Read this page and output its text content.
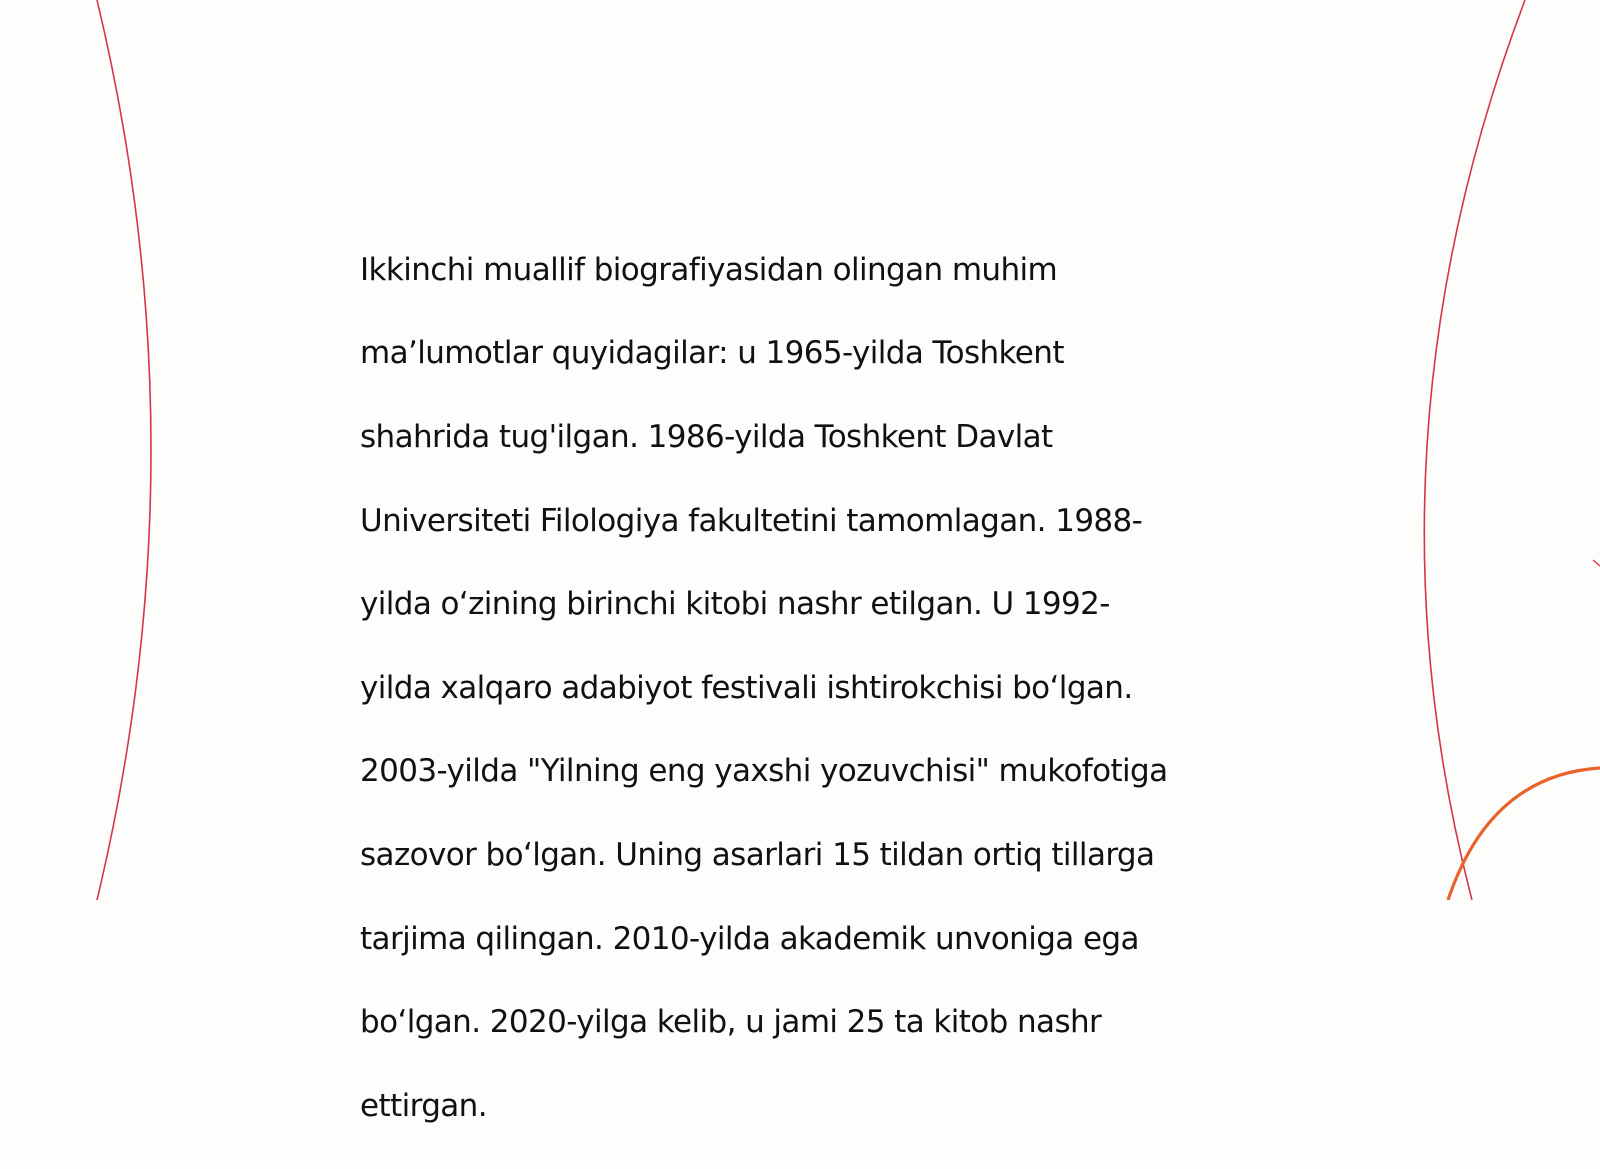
Ikkinchi muallif biografiyasidan olingan muhim

ma’lumotlar quyidagilar: u 1965-yilda Toshkent

shahrida tug'ilgan. 1986-yilda Toshkent Davlat

Universiteti Filologiya fakultetini tamomlagan. 1988-

yilda o‘zining birinchi kitobi nashr etilgan. U 1992-

yilda xalqaro adabiyot festivali ishtirokchisi bo‘lgan.

2003-yilda "Yilning eng yaxshi yozuvchisi" mukofotiga

sazovor bo‘lgan. Uning asarlari 15 tildan ortiq tillarga

tarjima qilingan. 2010-yilda akademik unvoniga ega

bo‘lgan. 2020-yilga kelib, u jami 25 ta kitob nashr

ettirgan.
